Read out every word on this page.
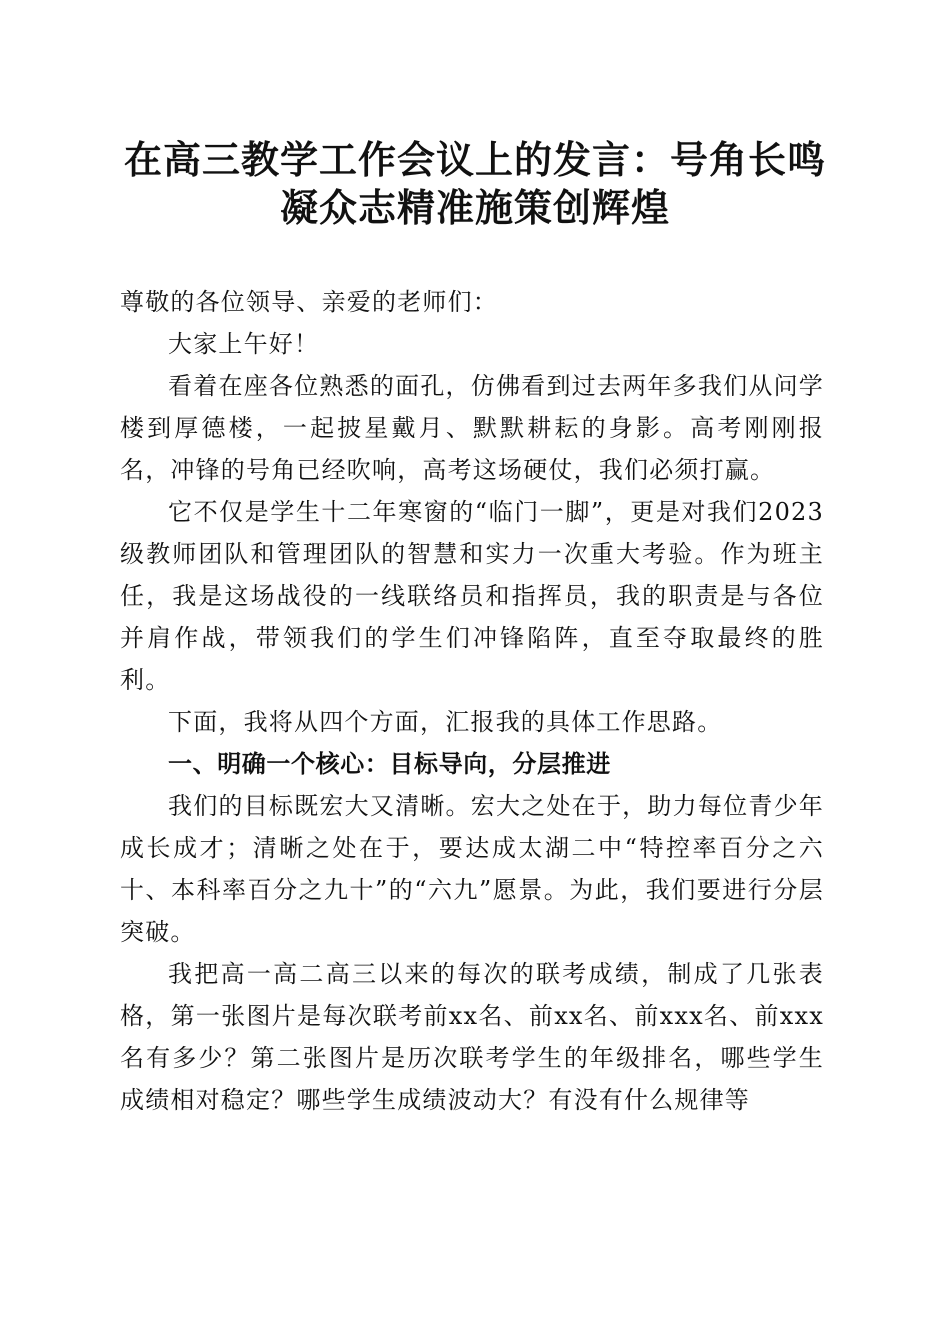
在高三教学工作会议上的发言：号角长鸣凝众志精准施策创辉煌

尊敬的各位领导、亲爱的老师们：

大家上午好！

看着在座各位熟悉的面孔，仿佛看到过去两年多我们从问学楼到厚德楼，一起披星戴月、默默耕耘的身影。高考刚刚报名，冲锋的号角已经吹响，高考这场硬仗，我们必须打赢。

它不仅是学生十二年寒窗的“临门一脚”，更是对我们2023级教师团队和管理团队的智慧和实力一次重大考验。作为班主任，我是这场战役的一线联络员和指挥员，我的职责是与各位并肩作战，带领我们的学生们冲锋陷阵，直至夺取最终的胜利。

下面，我将从四个方面，汇报我的具体工作思路。

一、明确一个核心：目标导向，分层推进

我们的目标既宏大又清晰。宏大之处在于，助力每位青少年成长成才；清晰之处在于，要达成太湖二中“特控率百分之六十、本科率百分之九十”的“六九”愿景。为此，我们要进行分层突破。

我把高一高二高三以来的每次的联考成绩，制成了几张表格，第一张图片是每次联考前xx名、前xx名、前xxx名、前xxx名有多少？第二张图片是历次联考学生的年级排名，哪些学生成绩相对稳定？哪些学生成绩波动大？有没有什么规律等
